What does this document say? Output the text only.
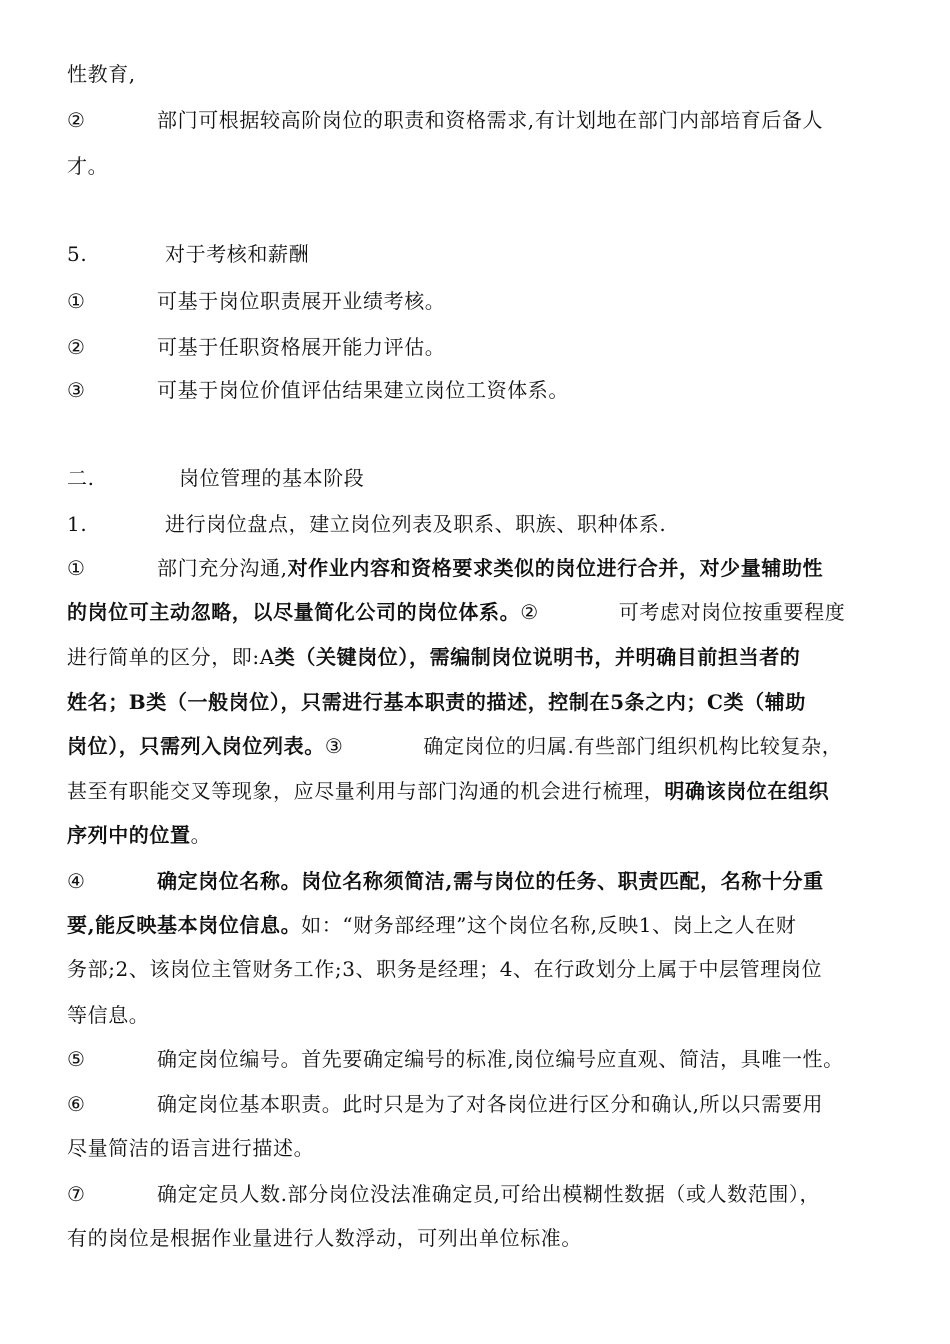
性教育,
②	部门可根据较高阶岗位的职责和资格需求,有计划地在部门内部培育后备人
才。
5.	对于考核和薪酬
①	可基于岗位职责展开业绩考核。
②	可基于任职资格展开能力评估。
③	可基于岗位价值评估结果建立岗位工资体系。
二.	岗位管理的基本阶段
1.	进行岗位盘点，建立岗位列表及职系、职族、职种体系.
①	部门充分沟通,对作业内容和资格要求类似的岗位进行合并，对少量辅助性
的岗位可主动忽略，以尽量简化公司的岗位体系。②	可考虑对岗位按重要程度
进行简单的区分，即:A类（关键岗位），需编制岗位说明书，并明确目前担当者的
姓名；B类（一般岗位），只需进行基本职责的描述，控制在5条之内；C类（辅助
岗位），只需列入岗位列表。③	确定岗位的归属.有些部门组织机构比较复杂，
甚至有职能交叉等现象，应尽量利用与部门沟通的机会进行梳理，明确该岗位在组织
序列中的位置。
④	确定岗位名称。岗位名称须简洁,需与岗位的任务、职责匹配，名称十分重
要,能反映基本岗位信息。如：“财务部经理”这个岗位名称,反映1、岗上之人在财
务部;2、该岗位主管财务工作;3、职务是经理；4、在行政划分上属于中层管理岗位
等信息。
⑤	确定岗位编号。首先要确定编号的标准,岗位编号应直观、简洁，具唯一性。
⑥	确定岗位基本职责。此时只是为了对各岗位进行区分和确认,所以只需要用
尽量简洁的语言进行描述。
⑦	确定定员人数.部分岗位没法准确定员,可给出模糊性数据（或人数范围），
有的岗位是根据作业量进行人数浮动，可列出单位标准。
